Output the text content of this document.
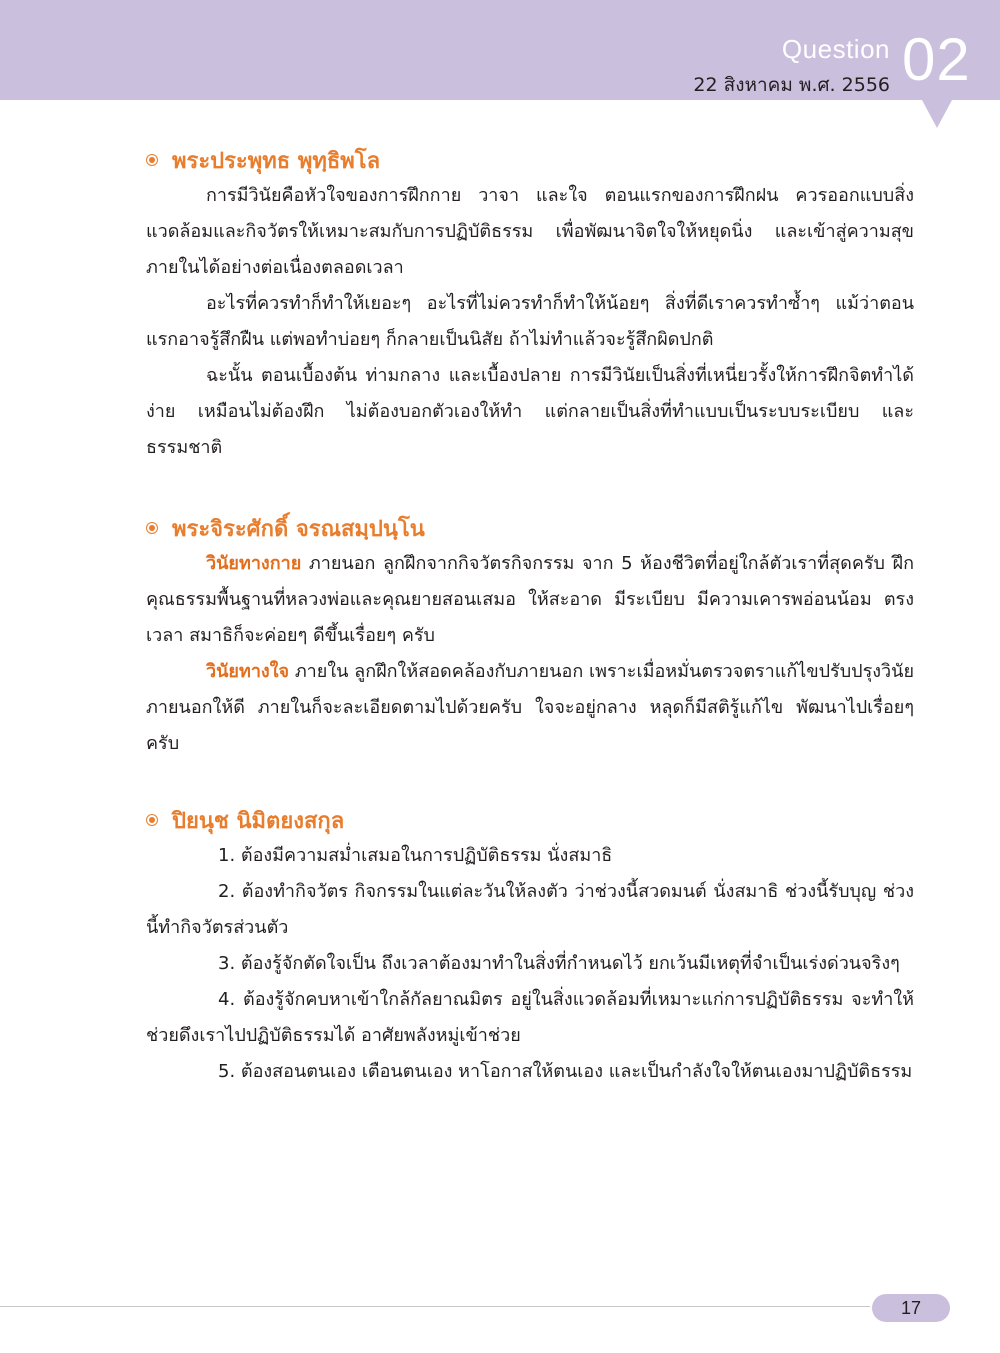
Question
22 สิงหาคม พ.ศ. 2556 02
พระประพุทธ พุทฺธิพโล

การมีวินัยคือหัวใจของการฝึกกาย วาจา และใจ ตอนแรกของการฝึกฝน ควรออกแบบสิ่งแวดล้อมและกิจวัตรให้เหมาะสมกับการปฏิบัติธรรม เพื่อพัฒนาจิตใจให้หยุดนิ่ง และเข้าสู่ความสุขภายในได้อย่างต่อเนื่องตลอดเวลา

อะไรที่ควรทำก็ทำให้เยอะๆ อะไรที่ไม่ควรทำก็ทำให้น้อยๆ สิ่งที่ดีเราควรทำซ้ำๆ แม้ว่าตอนแรกอาจรู้สึกฝืน แต่พอทำบ่อยๆ ก็กลายเป็นนิสัย ถ้าไม่ทำแล้วจะรู้สึกผิดปกติ

ฉะนั้น ตอนเบื้องต้น ท่ามกลาง และเบื้องปลาย การมีวินัยเป็นสิ่งที่เหนี่ยวรั้งให้การฝึกจิตทำได้ง่าย เหมือนไม่ต้องฝึก ไม่ต้องบอกตัวเองให้ทำ แต่กลายเป็นสิ่งที่ทำแบบเป็นระบบระเบียบ และธรรมชาติ

พระจิระศักดิ์ จรณสมฺปนฺโน

วินัยทางกาย ภายนอก ลูกฝึกจากกิจวัตรกิจกรรม จาก 5 ห้องชีวิตที่อยู่ใกล้ตัวเราที่สุดครับ ฝึกคุณธรรมพื้นฐานที่หลวงพ่อและคุณยายสอนเสมอ ให้สะอาด มีระเบียบ มีความเคารพอ่อนน้อม ตรงเวลา สมาธิก็จะค่อยๆ ดีขึ้นเรื่อยๆ ครับ

วินัยทางใจ ภายใน ลูกฝึกให้สอดคล้องกับภายนอก เพราะเมื่อหมั่นตรวจตราแก้ไขปรับปรุงวินัยภายนอกให้ดี ภายในก็จะละเอียดตามไปด้วยครับ ใจจะอยู่กลาง หลุดก็มีสติรู้แก้ไข พัฒนาไปเรื่อยๆ ครับ

ปิยนุช นิมิตยงสกุล

1. ต้องมีความสม่ำเสมอในการปฏิบัติธรรม นั่งสมาธิ

2. ต้องทำกิจวัตร กิจกรรมในแต่ละวันให้ลงตัว ว่าช่วงนี้สวดมนต์ นั่งสมาธิ ช่วงนี้รับบุญ ช่วงนี้ทำกิจวัตรส่วนตัว

3. ต้องรู้จักตัดใจเป็น ถึงเวลาต้องมาทำในสิ่งที่กำหนดไว้ ยกเว้นมีเหตุที่จำเป็นเร่งด่วนจริงๆ

4. ต้องรู้จักคบหาเข้าใกล้กัลยาณมิตร อยู่ในสิ่งแวดล้อมที่เหมาะแก่การปฏิบัติธรรม จะทำให้ช่วยดึงเราไปปฏิบัติธรรมได้ อาศัยพลังหมู่เข้าช่วย

5. ต้องสอนตนเอง เตือนตนเอง หาโอกาสให้ตนเอง และเป็นกำลังใจให้ตนเองมาปฏิบัติธรรม

17
